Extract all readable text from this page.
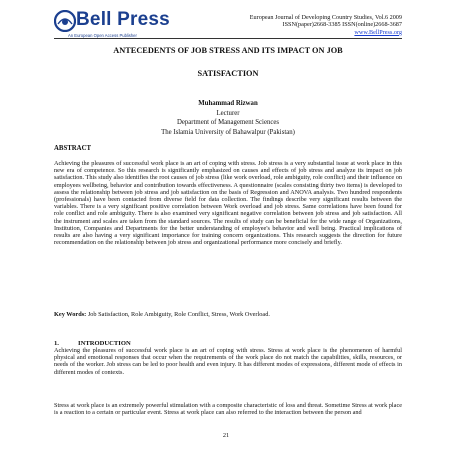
Bell Press
An European Open Access Publisher
European Journal of Developing Country Studies, Vol.6 2009
ISSN(paper)2668-3385 ISSN(online)2668-3687
www.BellPress.org
ANTECEDENTS OF JOB STRESS AND ITS IMPACT ON JOB
SATISFACTION
Muhammad Rizwan
Lecturer
Department of Management Sciences
The Islamia University of Bahawalpur (Pakistan)
ABSTRACT
Achieving the pleasures of successful work place is an art of coping with stress. Job stress is a very substantial issue at work place in this new era of competence. So this research is significantly emphasized on causes and effects of job stress and analyze its impact on job satisfaction. This study also identifies the root causes of job stress (like work overload, role ambiguity, role conflict) and their influence on employees wellbeing, behavior and contribution towards effectiveness. A questionnaire (scales consisting thirty two items) is developed to assess the relationship between job stress and job satisfaction on the basis of Regression and ANOVA analysis. Two hundred respondents (professionals) have been contacted from diverse field for data collection. The findings describe very significant results between the variables. There is a very significant positive correlation between Work overload and job stress. Same correlations have been found for role conflict and role ambiguity. There is also examined very significant negative correlation between job stress and job satisfaction. All the instrument and scales are taken from the standard sources. The results of study can be beneficial for the wide range of Organizations, Institution, Companies and Departments for the better understanding of employee's behavior and well being. Practical implications of results are also having a very significant importance for training concern organizations. This research suggests the direction for future recommendation on the relationship between job stress and organizational performance more concisely and briefly.
Key Words: Job Satisfaction, Role Ambiguity, Role Conflict, Stress, Work Overload.
1.	INTRODUCTION
Achieving the pleasures of successful work place is an art of coping with stress. Stress at work place is the phenomenon of harmful physical and emotional responses that occur when the requirements of the work place do not match the capabilities, skills, resources, or needs of the worker. Job stress can be led to poor health and even injury. It has different modes of expressions, different mode of effects in different modes of contexts.
Stress at work place is an extremely powerful stimulation with a composite characteristic of loss and threat. Sometime Stress at work place is a reaction to a certain or particular event. Stress at work place can also referred to the interaction between the person and
21
